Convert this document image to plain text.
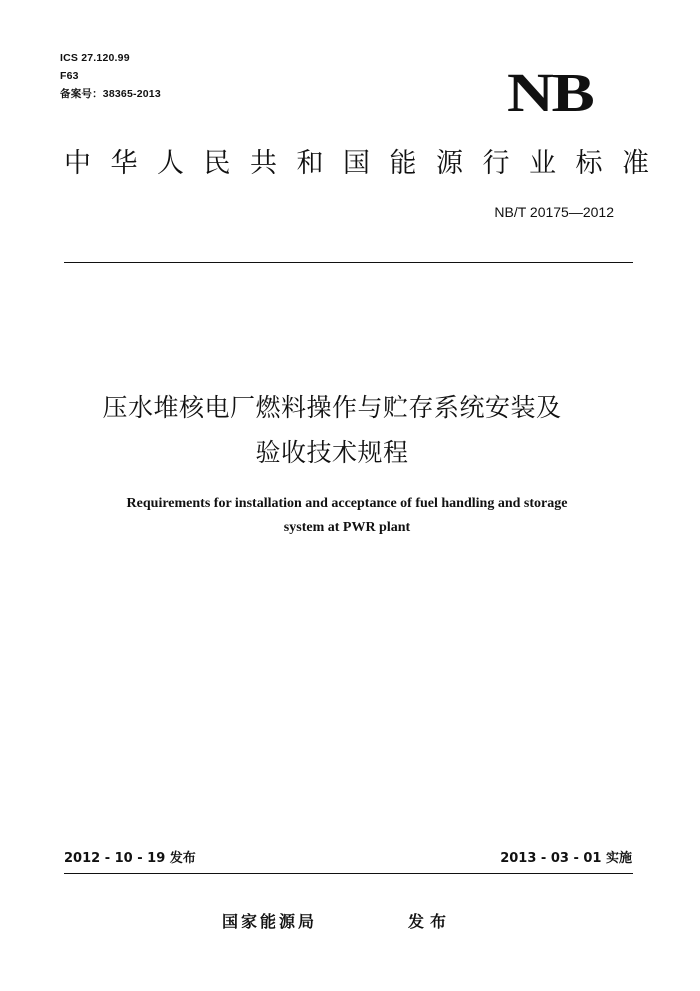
ICS 27.120.99
F63
备案号：38365-2013	NB
中华人民共和国能源行业标准
NB/T 20175—2012
压水堆核电厂燃料操作与贮存系统安装及
验收技术规程
Requirements for installation and acceptance of fuel handling and storage
system at PWR plant
2012 - 10 - 19 发布	2013 - 03 - 01 实施
国家能源局	发布
